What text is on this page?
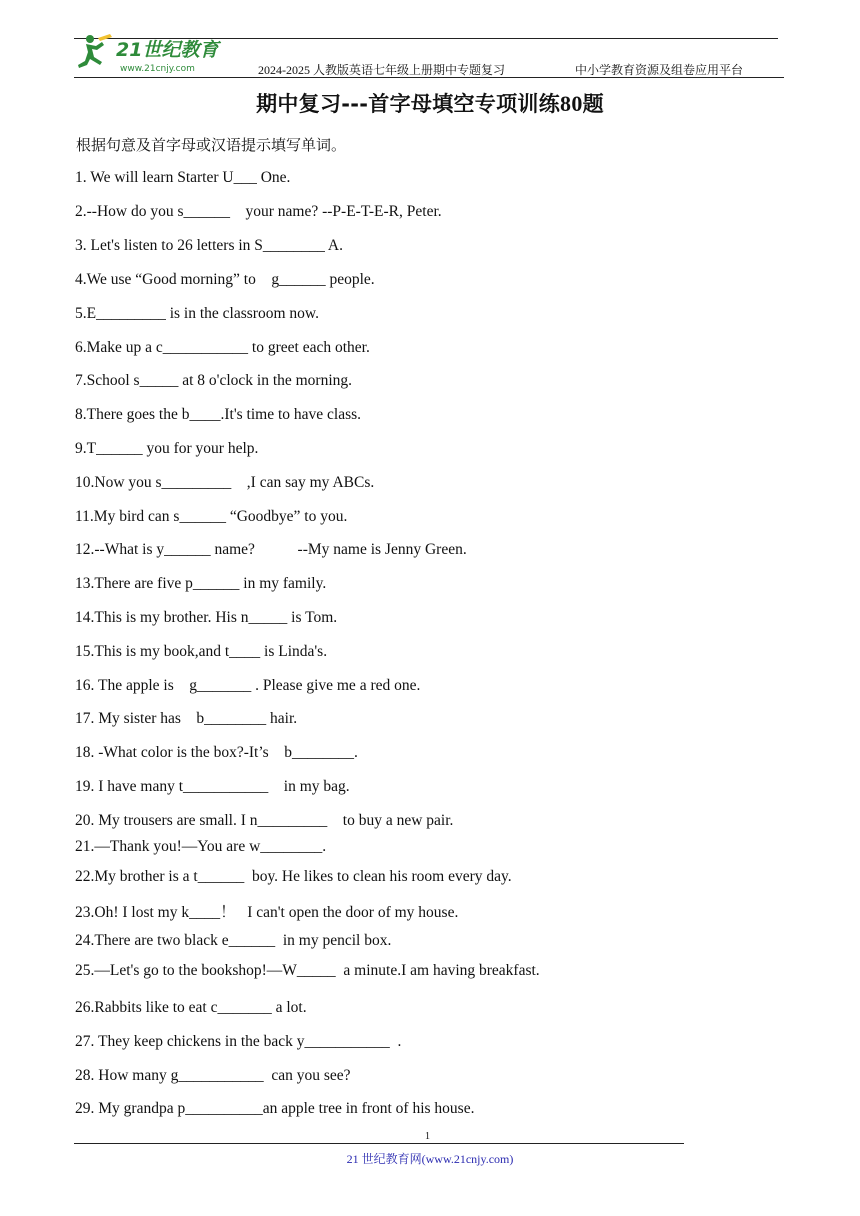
21世纪教育
www.21cnjy.com	2024-2025 人教版英语七年级上册期中专题复习	中小学教育资源及组卷应用平台
期中复习---首字母填空专项训练80题
根据句意及首字母或汉语提示填写单词。
1. We will learn Starter U___ One.
2.--How do you s______    your name? --P-E-T-E-R, Peter.
3. Let's listen to 26 letters in S________ A.
4.We use “Good morning” to    g______ people.
5.E_________ is in the classroom now.
6.Make up a c___________ to greet each other.
7.School s_____ at 8 o'clock in the morning.
8.There goes the b____.It's time to have class.
9.T______ you for your help.
10.Now you s_________    ,I can say my ABCs.
11.My bird can s______ “Goodbye” to you.
12.--What is y______ name?           --My name is Jenny Green.
13.There are five p______ in my family.
14.This is my brother. His n_____ is Tom.
15.This is my book,and t____ is Linda's.
16. The apple is    g_______ . Please give me a red one.
17. My sister has    b________ hair.
18. -What color is the box?-It’s    b________.
19. I have many t___________    in my bag.
20. My trousers are small. I n_________    to buy a new pair.
21.—Thank you!—You are w________.
22.My brother is a t______  boy. He likes to clean his room every day.
23.Oh! I lost my k____！   I can't open the door of my house.
24.There are two black e______  in my pencil box.
25.—Let's go to the bookshop!—W_____  a minute.I am having breakfast.
26.Rabbits like to eat c_______ a lot.
27. They keep chickens in the back y___________  .
28. How many g___________  can you see?
29. My grandpa p__________an apple tree in front of his house.
1
21 世纪教育网(www.21cnjy.com)
